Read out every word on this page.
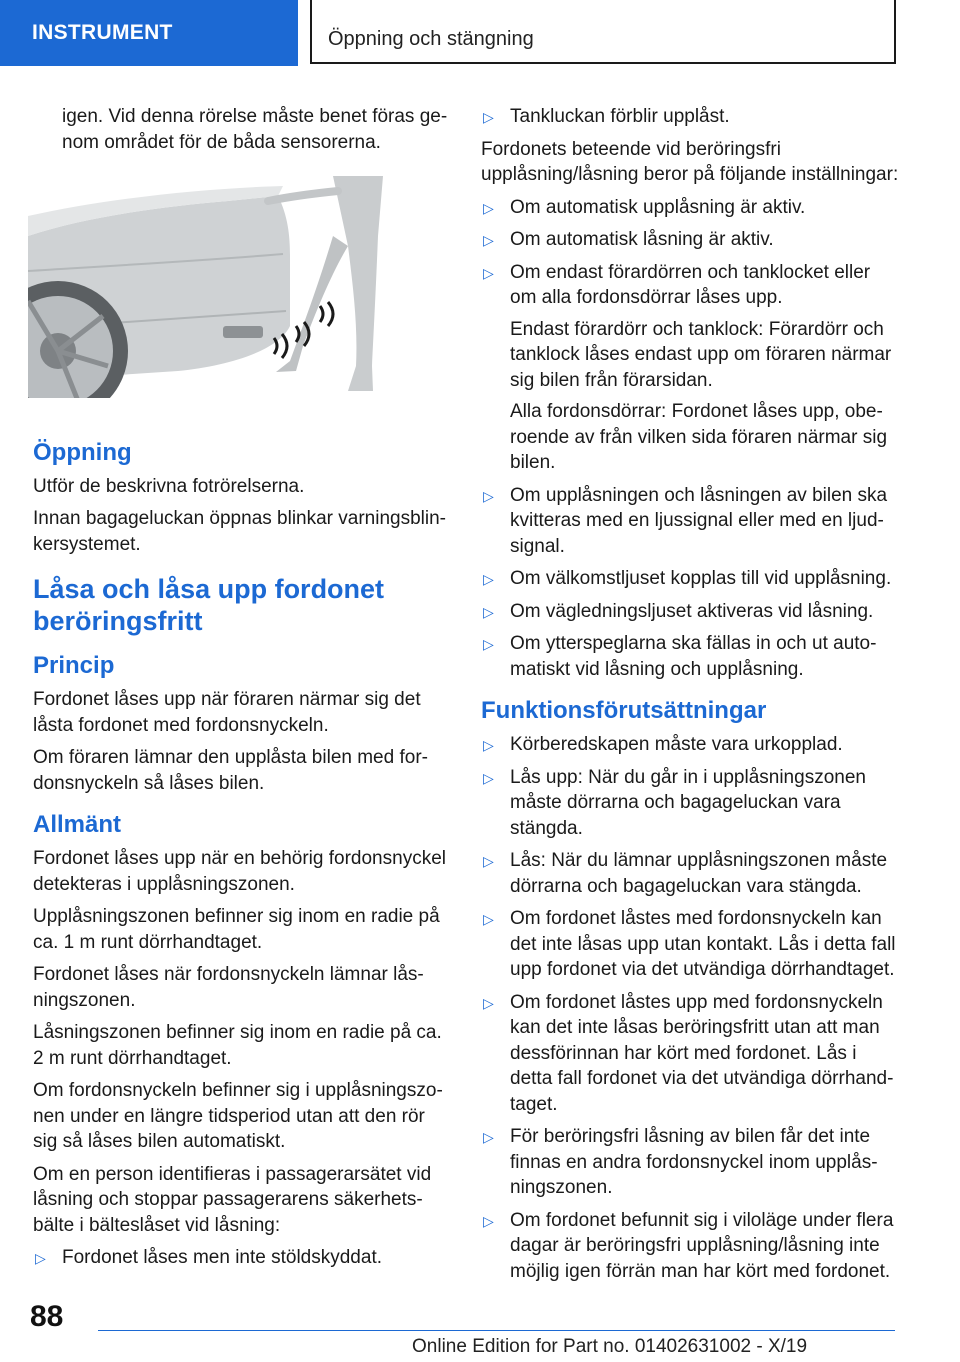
INSTRUMENT	Öppning och stängning

igen. Vid denna rörelse måste benet föras ge-nom området för de båda sensorerna.

Öppning

Utför de beskrivna fotrörelserna.

Innan bagageluckan öppnas blinkar varningsblin-kersystemet.

Låsa och låsa upp fordonet beröringsfritt
Princip

Fordonet låses upp när föraren närmar sig det låsta fordonet med fordonsnyckeln.

Om föraren lämnar den upplåsta bilen med for-donsnyckeln så låses bilen.

Allmänt

Fordonet låses upp när en behörig fordonsnyckel detekteras i upplåsningszonen.

Upplåsningszonen befinner sig inom en radie på ca. 1 m runt dörrhandtaget.

Fordonet låses när fordonsnyckeln lämnar lås-ningszonen.

Låsningszonen befinner sig inom en radie på ca. 2 m runt dörrhandtaget.

Om fordonsnyckeln befinner sig i upplåsningszo-nen under en längre tidsperiod utan att den rör sig så låses bilen automatiskt.

Om en person identifieras i passagerarsätet vid låsning och stoppar passagerarens säkerhets-bälte i bälteslåset vid låsning:

▷ Fordonet låses men inte stöldskyddat.
▷ Tankluckan förblir upplåst.

Fordonets beteende vid beröringsfri upplåsning/låsning beror på följande inställningar:

▷ Om automatisk upplåsning är aktiv.
▷ Om automatisk låsning är aktiv.
▷ Om endast förardörren och tanklocket eller om alla fordonsdörrar låses upp.
Endast förardörr och tanklock: Förardörr och tanklock låses endast upp om föraren närmar sig bilen från förarsidan.
Alla fordonsdörrar: Fordonet låses upp, obe-roende av från vilken sida föraren närmar sig bilen.
▷ Om upplåsningen och låsningen av bilen ska kvitteras med en ljussignal eller med en ljud-signal.
▷ Om välkomstljuset kopplas till vid upplåsning.
▷ Om vägledningsljuset aktiveras vid låsning.
▷ Om ytterspeglarna ska fällas in och ut auto-matiskt vid låsning och upplåsning.
Funktionsförutsättningar
▷ Körberedskapen måste vara urkopplad.
▷ Lås upp: När du går in i upplåsningszonen måste dörrarna och bagageluckan vara stängda.
▷ Lås: När du lämnar upplåsningszonen måste dörrarna och bagageluckan vara stängda.
▷ Om fordonet låstes med fordonsnyckeln kan det inte låsas upp utan kontakt. Lås i detta fall upp fordonet via det utvändiga dörrhandtaget.
▷ Om fordonet låstes upp med fordonsnyckeln kan det inte låsas beröringsfritt utan att man dessförinnan har kört med fordonet. Lås i detta fall fordonet via det utvändiga dörrhand-taget.
▷ För beröringsfri låsning av bilen får det inte finnas en andra fordonsnyckel inom upplås-ningszonen.
▷ Om fordonet befunnit sig i viloläge under flera dagar är beröringsfri upplåsning/låsning inte möjlig igen förrän man har kört med fordonet.
88
Online Edition for Part no. 01402631002 - X/19
